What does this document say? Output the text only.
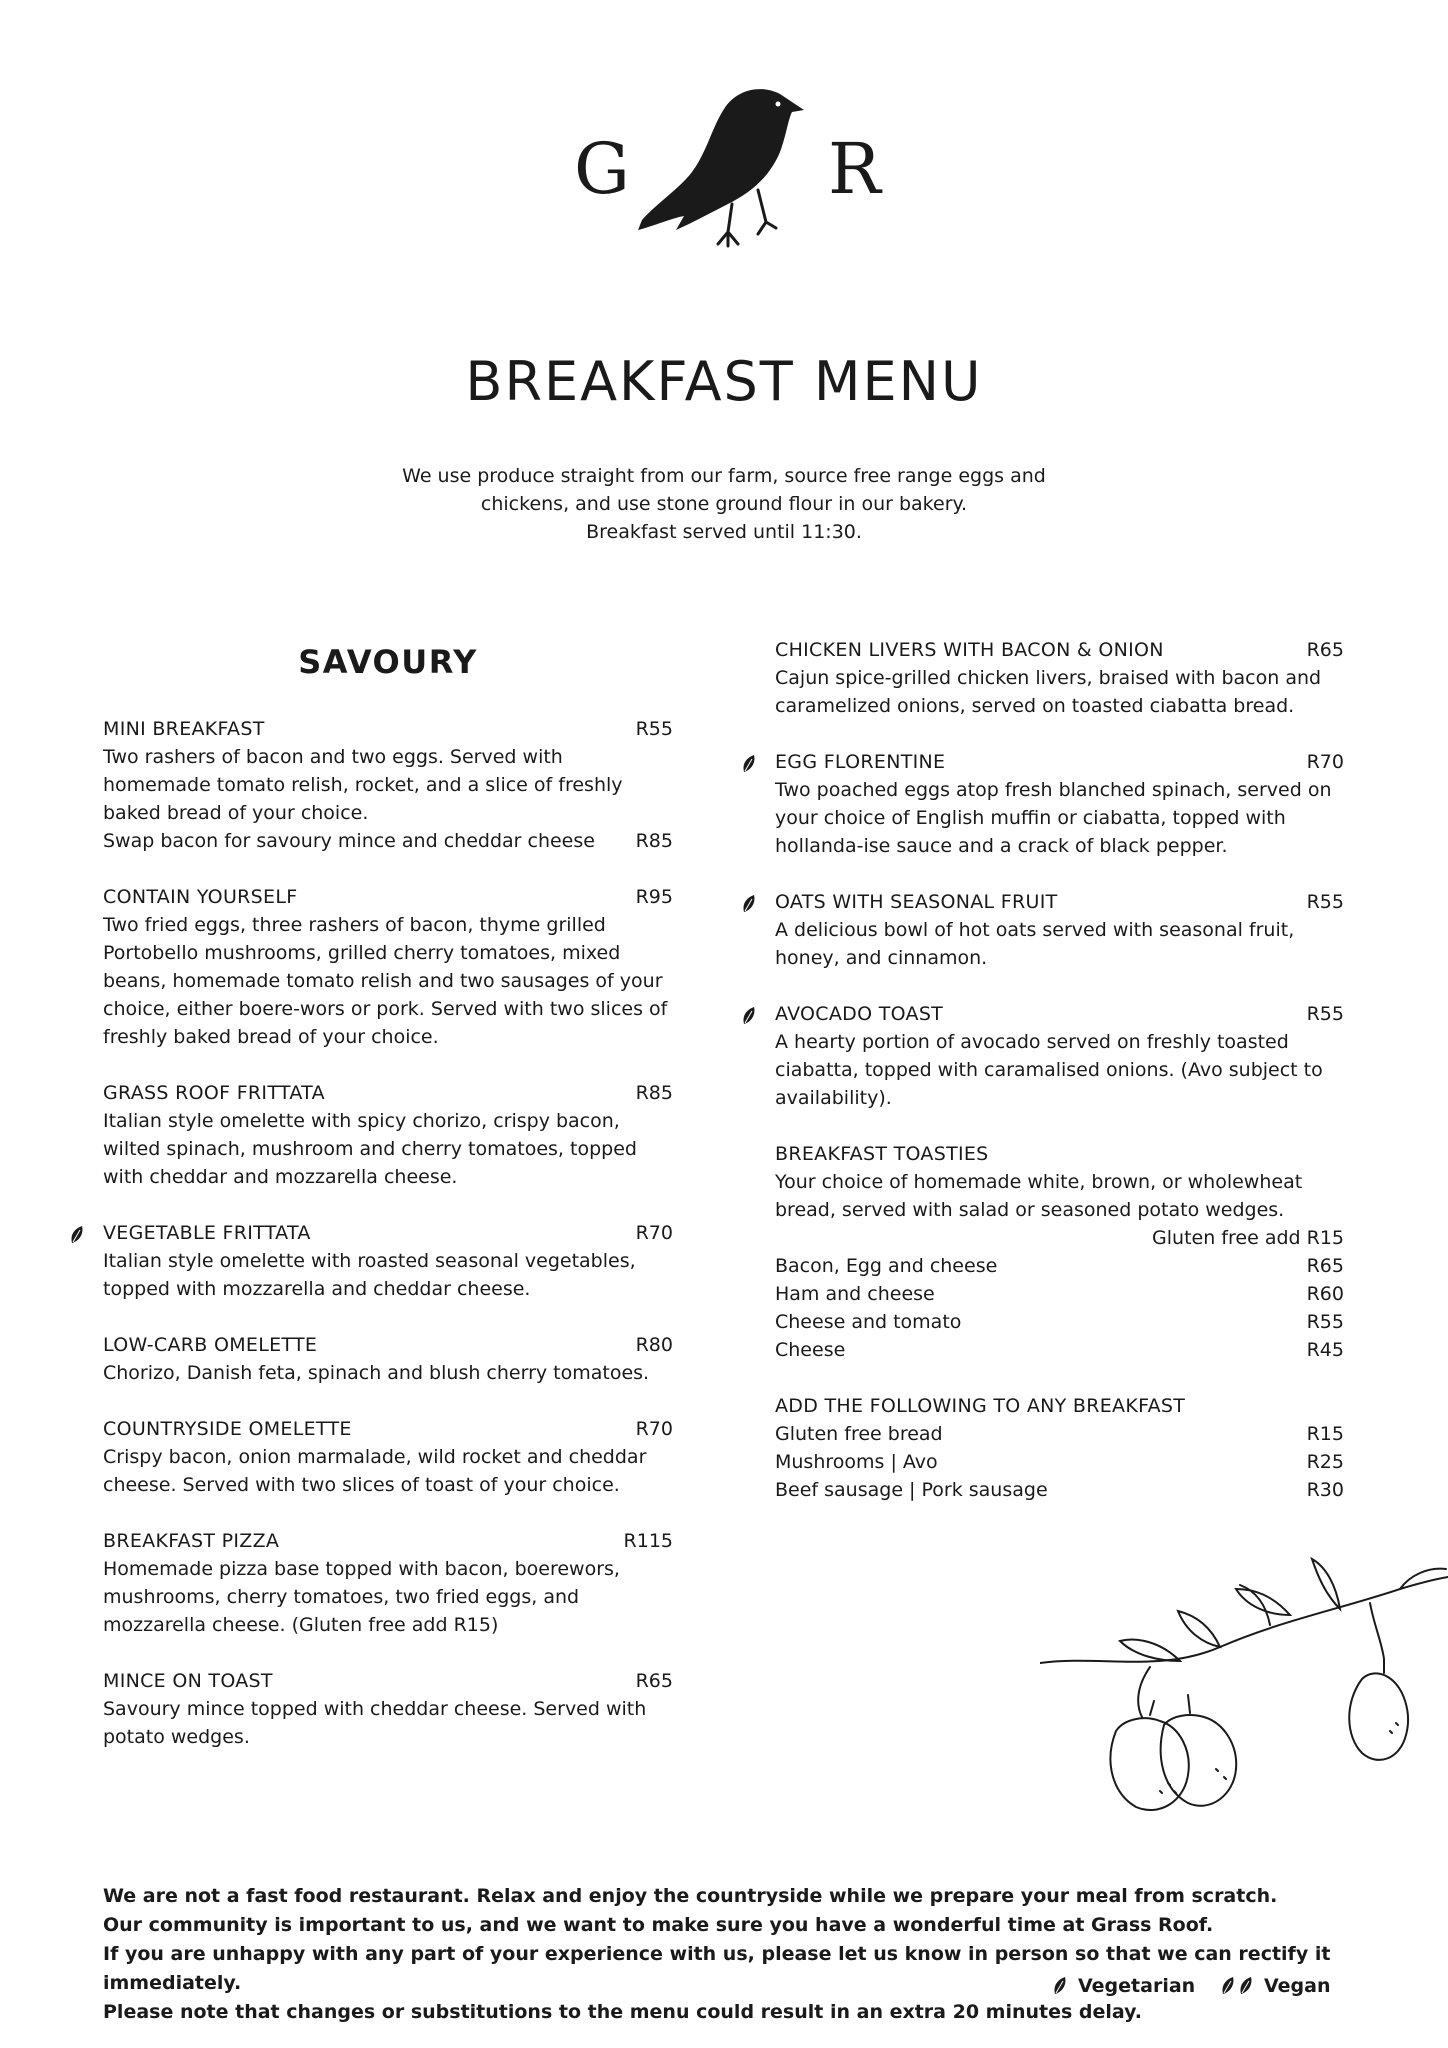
G	R
BREAKFAST MENU
We use produce straight from our farm, source free range eggs and
chickens, and use stone ground flour in our bakery.
Breakfast served until 11:30.
SAVOURY
MINI BREAKFAST	R55
Two rashers of bacon and two eggs. Served with homemade tomato relish, rocket, and a slice of freshly baked bread of your choice.
Swap bacon for savoury mince and cheddar cheese R85
CONTAIN YOURSELF	R95
Two fried eggs, three rashers of bacon, thyme grilled Portobello mushrooms, grilled cherry tomatoes, mixed beans, homemade tomato relish and two sausages of your choice, either boere-wors or pork. Served with two slices of freshly baked bread of your choice.
GRASS ROOF FRITTATA	R85
Italian style omelette with spicy chorizo, crispy bacon, wilted spinach, mushroom and cherry tomatoes, topped with cheddar and mozzarella cheese.
VEGETABLE FRITTATA	R70
Italian style omelette with roasted seasonal vegetables, topped with mozzarella and cheddar cheese.
LOW-CARB OMELETTE	R80
Chorizo, Danish feta, spinach and blush cherry tomatoes.
COUNTRYSIDE OMELETTE	R70
Crispy bacon, onion marmalade, wild rocket and cheddar cheese. Served with two slices of toast of your choice.
BREAKFAST PIZZA	R115
Homemade pizza base topped with bacon, boerewors, mushrooms, cherry tomatoes, two fried eggs, and mozzarella cheese. (Gluten free add R15)
MINCE ON TOAST	R65
Savoury mince topped with cheddar cheese. Served with potato wedges.
CHICKEN LIVERS WITH BACON & ONION	R65
Cajun spice-grilled chicken livers, braised with bacon and caramelized onions, served on toasted ciabatta bread.
EGG FLORENTINE	R70
Two poached eggs atop fresh blanched spinach, served on your choice of English muffin or ciabatta, topped with hollanda-ise sauce and a crack of black pepper.
OATS WITH SEASONAL FRUIT	R55
A delicious bowl of hot oats served with seasonal fruit, honey, and cinnamon.
AVOCADO TOAST	R55
A hearty portion of avocado served on freshly toasted ciabatta, topped with caramalised onions. (Avo subject to availability).
BREAKFAST TOASTIES
Your choice of homemade white, brown, or wholewheat bread, served with salad or seasoned potato wedges.
Gluten free add R15
Bacon, Egg and cheese	R65
Ham and cheese	R60
Cheese and tomato	R55
Cheese	R45
ADD THE FOLLOWING TO ANY BREAKFAST
Gluten free bread	R15
Mushrooms | Avo	R25
Beef sausage | Pork sausage	R30
We are not a fast food restaurant. Relax and enjoy the countryside while we prepare your meal from scratch.
Our community is important to us, and we want to make sure you have a wonderful time at Grass Roof.
If you are unhappy with any part of your experience with us, please let us know in person so that we can rectify it immediately.
Please note that changes or substitutions to the menu could result in an extra 20 minutes delay.
Vegetarian	Vegan
